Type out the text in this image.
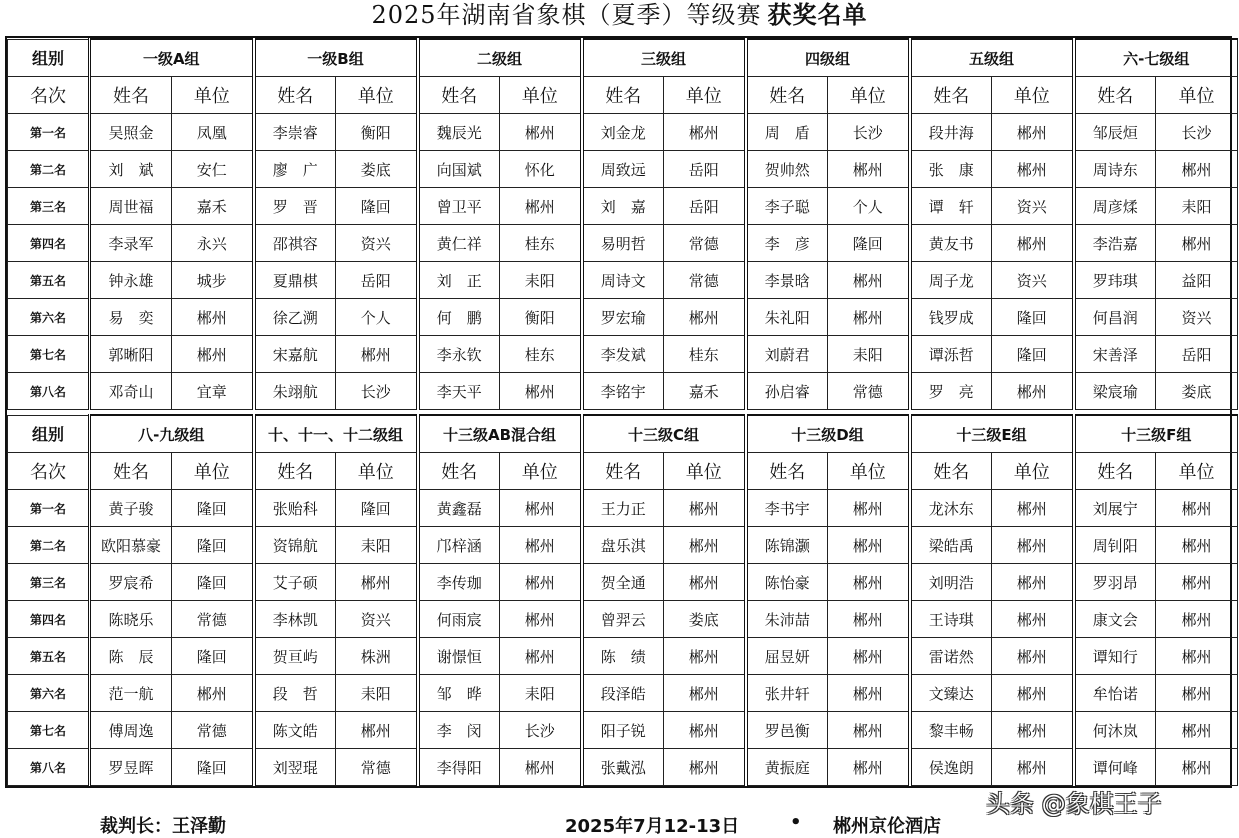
2025年湖南省象棋（夏季）等级赛 获奖名单
组别	一级A组		一级B组		二级组		三级组		四级组		五级组		六-七级组	
名次	姓名	单位	姓名	单位	姓名	单位	姓名	单位	姓名	单位	姓名	单位	姓名	单位
第一名	吴照金	凤凰	李崇睿	衡阳	魏辰光	郴州	刘金龙	郴州	周　盾	长沙	段井海	郴州	邹辰烜	长沙
第二名	刘　斌	安仁	廖　广	娄底	向国斌	怀化	周致远	岳阳	贺帅然	郴州	张　康	郴州	周诗东	郴州
第三名	周世福	嘉禾	罗　晋	隆回	曾卫平	郴州	刘　嘉	岳阳	李子聪	个人	谭　轩	资兴	周彦煣	耒阳
第四名	李录军	永兴	邵祺容	资兴	黄仁祥	桂东	易明哲	常德	李　彦	隆回	黄友书	郴州	李浩嘉	郴州
第五名	钟永雄	城步	夏鼎棋	岳阳	刘　正	耒阳	周诗文	常德	李景晗	郴州	周子龙	资兴	罗玮琪	益阳
第六名	易　奕	郴州	徐乙溯	个人	何　鹏	衡阳	罗宏瑜	郴州	朱礼阳	郴州	钱罗成	隆回	何昌润	资兴
第七名	郭晰阳	郴州	宋嘉航	郴州	李永钦	桂东	李发斌	桂东	刘蔚君	耒阳	谭泺哲	隆回	宋善泽	岳阳
第八名	邓奇山	宜章	朱翊航	长沙	李天平	郴州	李铭宇	嘉禾	孙启睿	常德	罗　亮	郴州	梁宸瑜	娄底
组别	八-九级组		十、十一、十二级组		十三级AB混合组		十三级C组		十三级D组		十三级E组		十三级F组	
名次	姓名	单位	姓名	单位	姓名	单位	姓名	单位	姓名	单位	姓名	单位	姓名	单位
第一名	黄子骏	隆回	张贻科	隆回	黄鑫磊	郴州	王力正	郴州	李书宇	郴州	龙沐东	郴州	刘展宁	郴州
第二名	欧阳慕豪	隆回	资锦航	耒阳	邝梓涵	郴州	盘乐淇	郴州	陈锦灏	郴州	梁皓禹	郴州	周钊阳	郴州
第三名	罗宸希	隆回	艾子硕	郴州	李传珈	郴州	贺全通	郴州	陈怡豪	郴州	刘明浩	郴州	罗羽昂	郴州
第四名	陈晓乐	常德	李林凯	资兴	何雨宸	郴州	曾羿云	娄底	朱沛喆	郴州	王诗琪	郴州	康文会	郴州
第五名	陈　辰	隆回	贺亘屿	株洲	谢憬恒	郴州	陈　绩	郴州	屈昱妍	郴州	雷诺然	郴州	谭知行	郴州
第六名	范一航	郴州	段　哲	耒阳	邹　晔	耒阳	段泽皓	郴州	张井轩	郴州	文臻达	郴州	牟怡诺	郴州
第七名	傅周逸	常德	陈文皓	郴州	李　闵	长沙	阳子锐	郴州	罗邑衡	郴州	黎丰畅	郴州	何沐岚	郴州
第八名	罗昱晖	隆回	刘翌琨	常德	李得阳	郴州	张戴泓	郴州	黄振庭	郴州	侯逸朗	郴州	谭何峰	郴州
裁判长：王泽勤	2025年7月12-13日	• 郴州京伦酒店
头条 @象棋王子
